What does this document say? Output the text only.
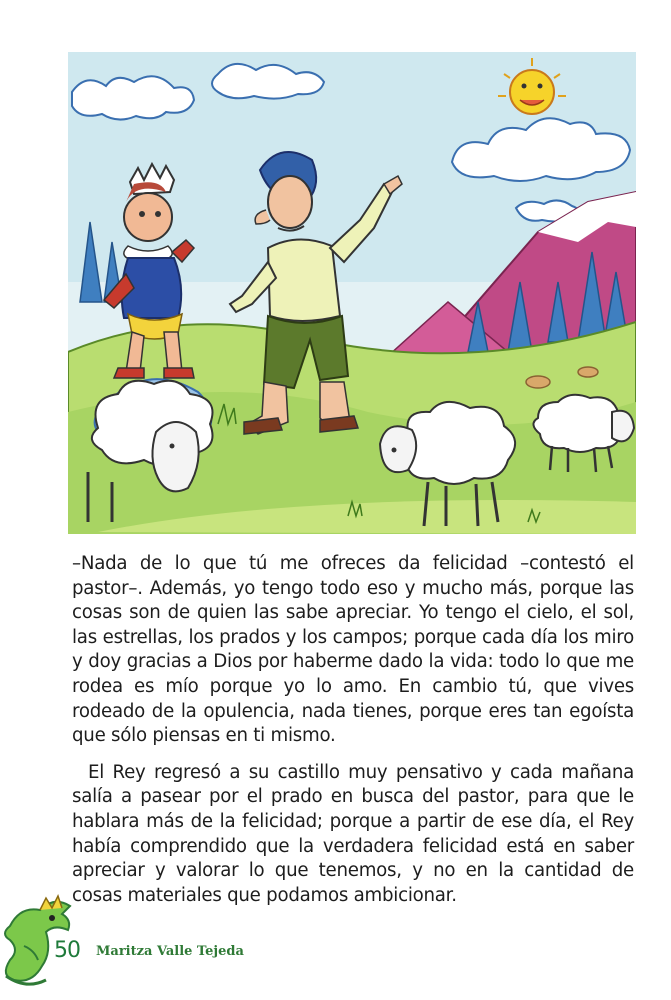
–Nada de lo que tú me ofreces da felicidad –contestó el pastor–. Además, yo tengo todo eso y mucho más, porque las cosas son de quien las sabe apreciar. Yo tengo el cielo, el sol, las estrellas, los prados y los campos; porque cada día los miro y doy gracias a Dios por haberme dado la vida: todo lo que me rodea es mío porque yo lo amo. En cambio tú, que vives rodeado de la opulencia, nada tienes, porque eres tan egoísta que sólo piensas en ti mismo.

El Rey regresó a su castillo muy pensativo y cada mañana salía a pasear por el prado en busca del pastor, para que le hablara más de la felicidad; porque a partir de ese día, el Rey había comprendido que la verdadera felicidad está en saber apreciar y valorar lo que tenemos, y no en la cantidad de cosas materiales que podamos ambicionar.

50 Maritza Valle Tejeda
